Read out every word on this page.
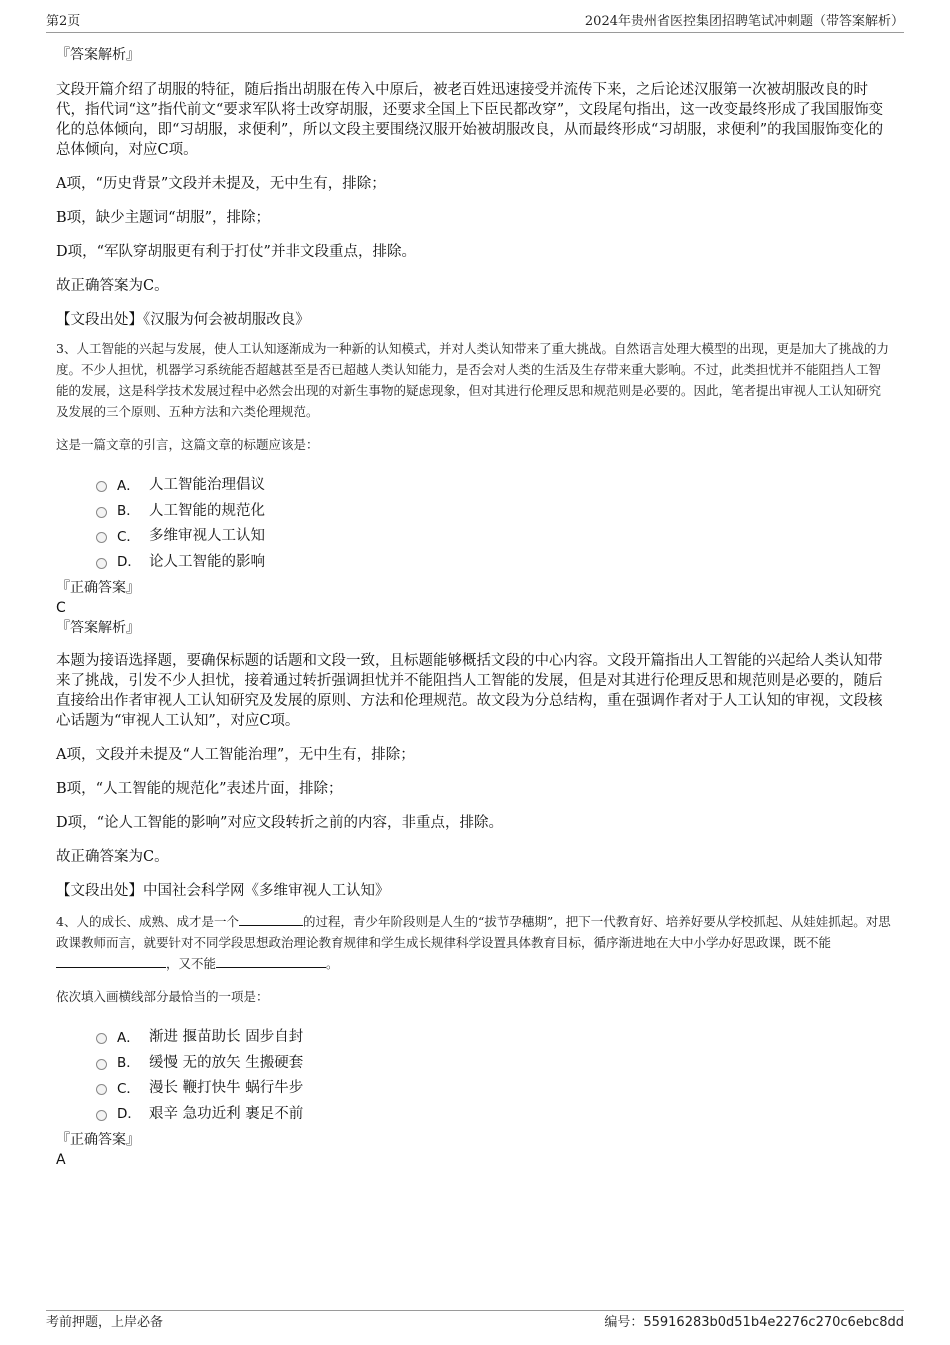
第2页	2024年贵州省医控集团招聘笔试冲刺题（带答案解析）

『答案解析』

文段开篇介绍了胡服的特征，随后指出胡服在传入中原后，被老百姓迅速接受并流传下来，之后论述汉服第一次被胡服改良的时代，指代词“这”指代前文“要求军队将士改穿胡服，还要求全国上下臣民都改穿”，文段尾句指出，这一改变最终形成了我国服饰变化的总体倾向，即“习胡服，求便利”，所以文段主要围绕汉服开始被胡服改良，从而最终形成“习胡服，求便利”的我国服饰变化的总体倾向，对应C项。

A项，“历史背景”文段并未提及，无中生有，排除；

B项，缺少主题词“胡服”，排除；

D项，“军队穿胡服更有利于打仗”并非文段重点，排除。

故正确答案为C。

【文段出处】《汉服为何会被胡服改良》

3、人工智能的兴起与发展，使人工认知逐渐成为一种新的认知模式，并对人类认知带来了重大挑战。自然语言处理大模型的出现，更是加大了挑战的力度。不少人担忧，机器学习系统能否超越甚至是否已超越人类认知能力，是否会对人类的生活及生存带来重大影响。不过，此类担忧并不能阻挡人工智能的发展，这是科学技术发展过程中必然会出现的对新生事物的疑虑现象，但对其进行伦理反思和规范则是必要的。因此，笔者提出审视人工认知研究及发展的三个原则、五种方法和六类伦理规范。

这是一篇文章的引言，这篇文章的标题应该是：

A． 人工智能治理倡议
B． 人工智能的规范化
C． 多维审视人工认知
D． 论人工智能的影响

『正确答案』

C

『答案解析』

本题为接语选择题，要确保标题的话题和文段一致，且标题能够概括文段的中心内容。文段开篇指出人工智能的兴起给人类认知带来了挑战，引发不少人担忧，接着通过转折强调担忧并不能阻挡人工智能的发展，但是对其进行伦理反思和规范则是必要的，随后直接给出作者审视人工认知研究及发展的原则、方法和伦理规范。故文段为分总结构，重在强调作者对于人工认知的审视，文段核心话题为“审视人工认知”，对应C项。

A项，文段并未提及“人工智能治理”，无中生有，排除；

B项，“人工智能的规范化”表述片面，排除；

D项，“论人工智能的影响”对应文段转折之前的内容，非重点，排除。

故正确答案为C。

【文段出处】中国社会科学网《多维审视人工认知》

4、人的成长、成熟、成才是一个	的过程，青少年阶段则是人生的“拔节孕穗期”，把下一代教育好、培养好要从学校抓起、从娃娃抓起。对思政课教师而言，就要针对不同学段思想政治理论教育规律和学生成长规律科学设置具体教育目标，循序渐进地在大中小学办好思政课，既不能，又不能	。

依次填入画横线部分最恰当的一项是：

A． 渐进 揠苗助长 固步自封
B． 缓慢 无的放矢 生搬硬套
C． 漫长 鞭打快牛 蜗行牛步
D． 艰辛 急功近利 裹足不前

『正确答案』

A

考前押题，上岸必备	编号：55916283b0d51b4e2276c270c6ebc8dd
